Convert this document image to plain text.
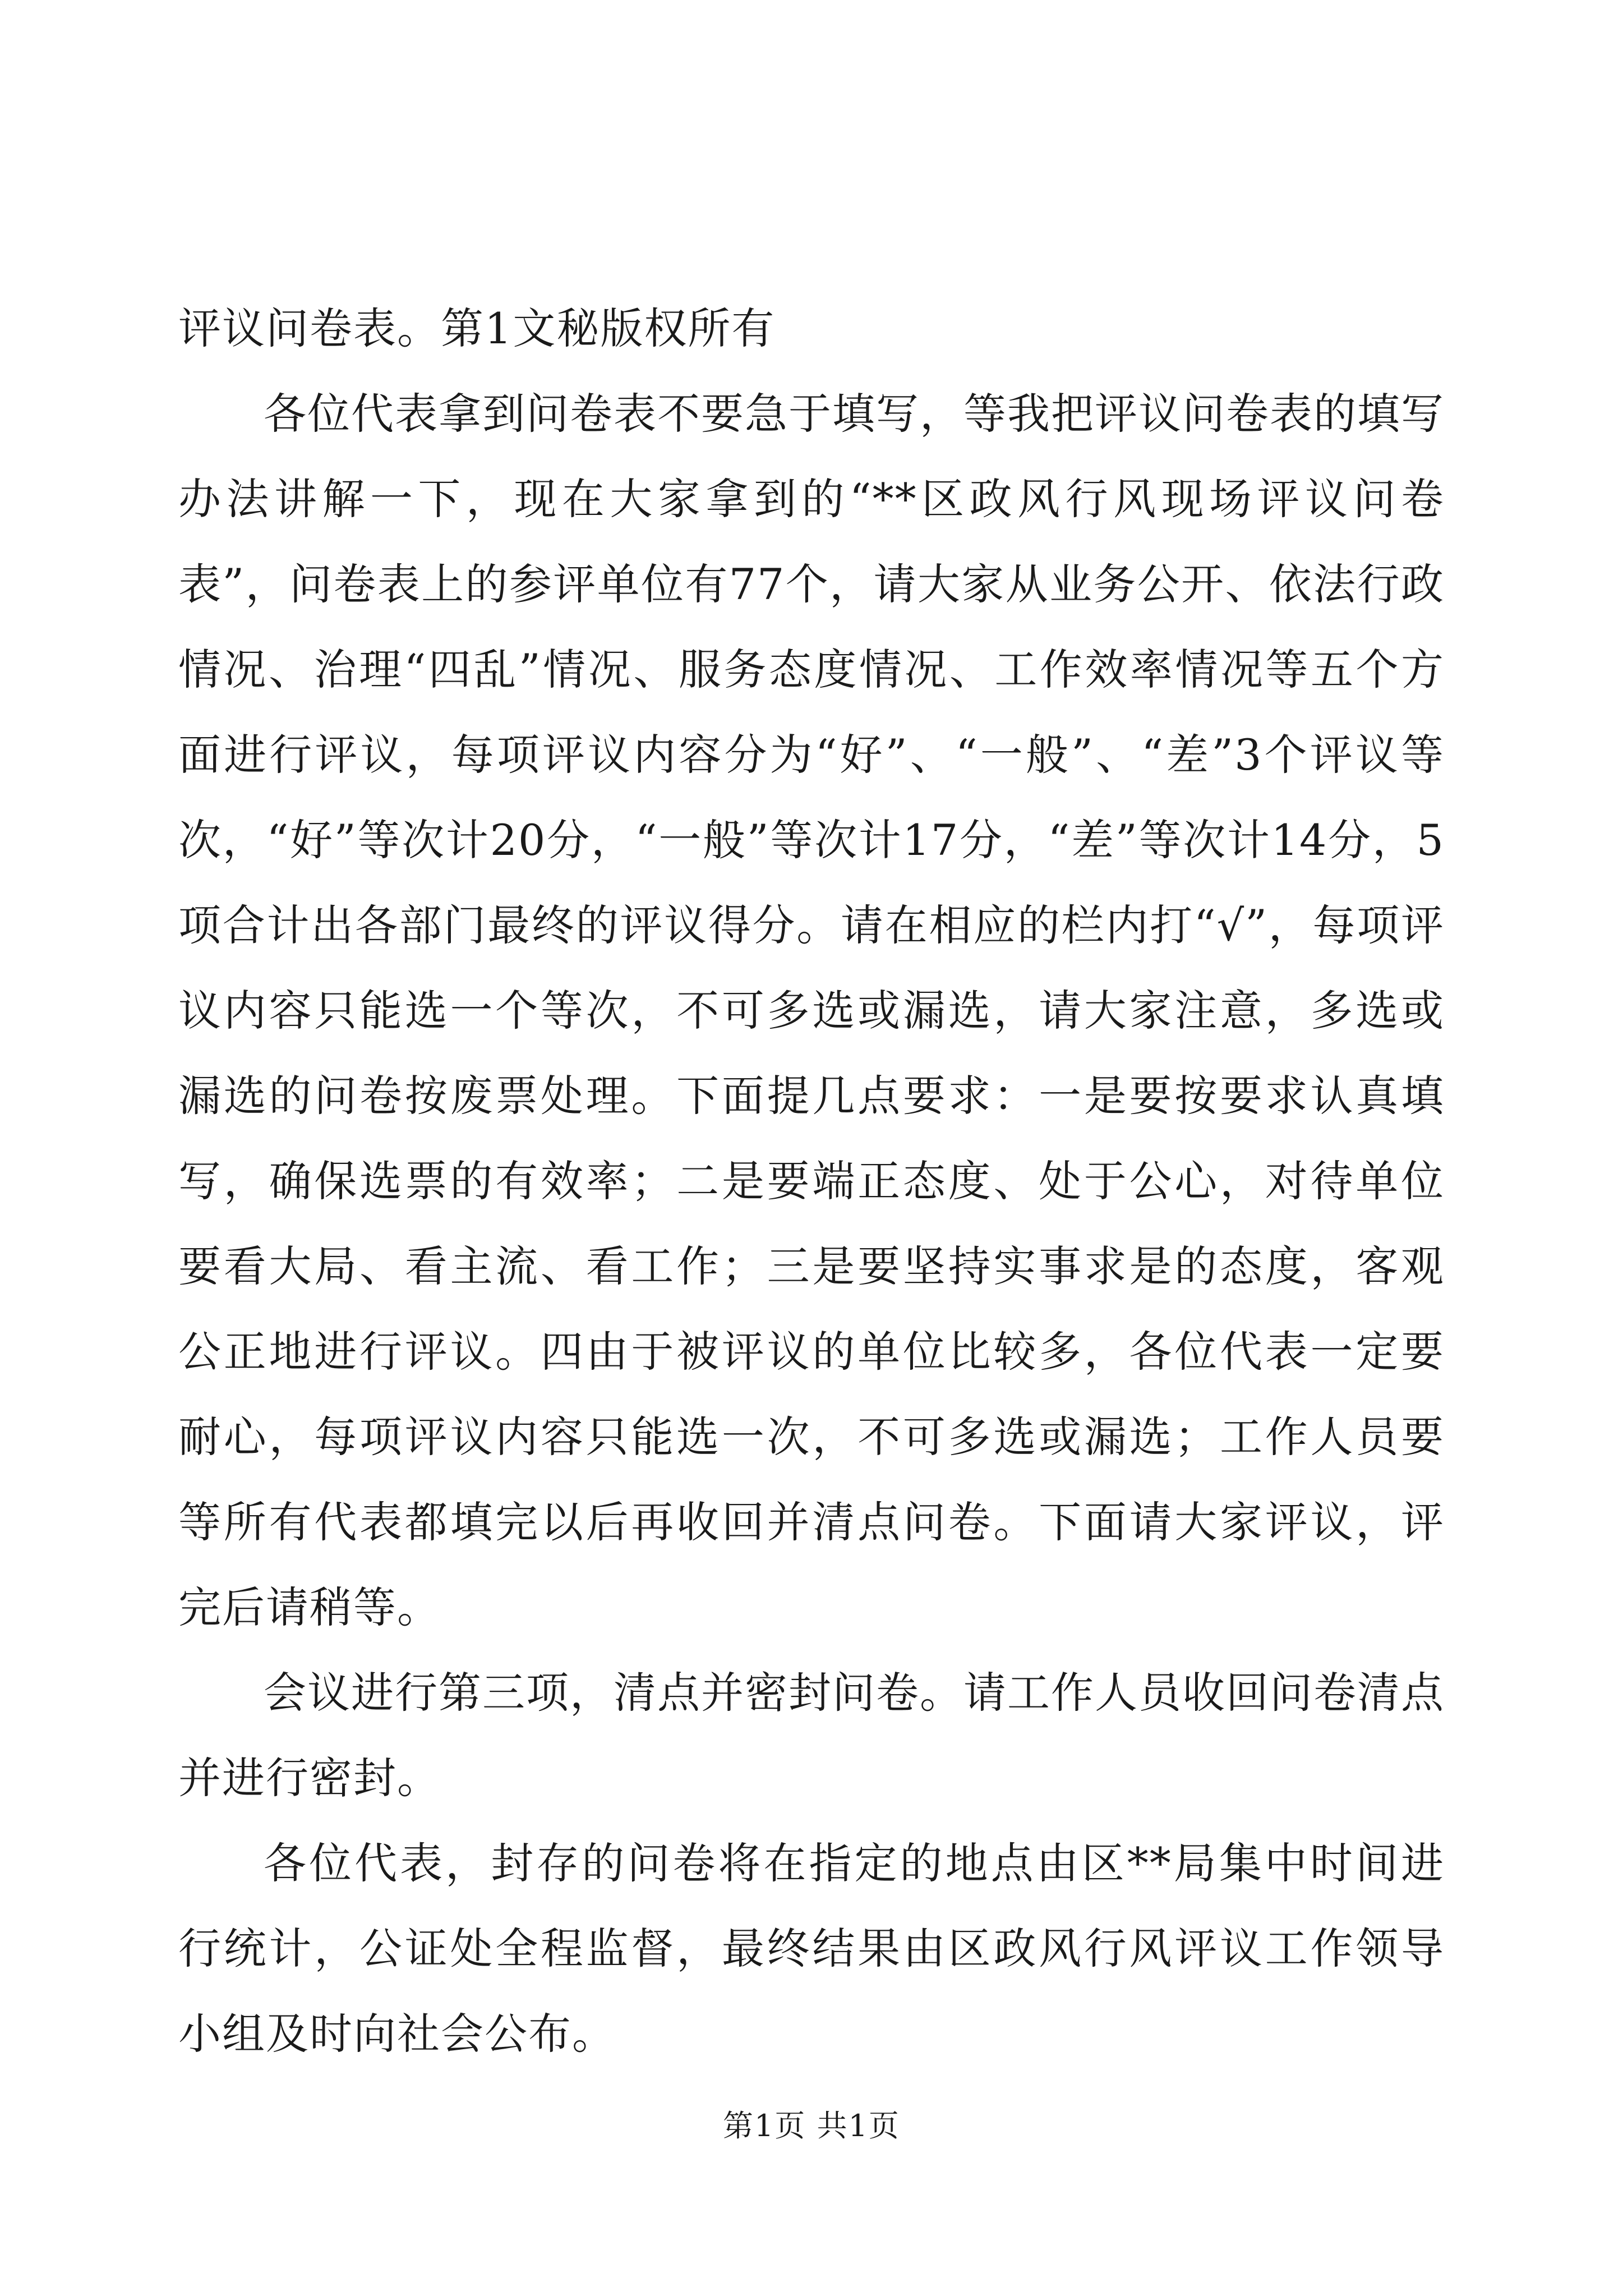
评议问卷表。第1文秘版权所有

各位代表拿到问卷表不要急于填写，等我把评议问卷表的填写办法讲解一下，现在大家拿到的“**区政风行风现场评议问卷表”，问卷表上的参评单位有77个，请大家从业务公开、依法行政情况、治理“四乱”情况、服务态度情况、工作效率情况等五个方面进行评议，每项评议内容分为“好”、“一般”、“差”3个评议等次，“好”等次计20分，“一般”等次计17分，“差”等次计14分，5项合计出各部门最终的评议得分。请在相应的栏内打“√”，每项评议内容只能选一个等次，不可多选或漏选，请大家注意，多选或漏选的问卷按废票处理。下面提几点要求：一是要按要求认真填写，确保选票的有效率；二是要端正态度、处于公心，对待单位要看大局、看主流、看工作；三是要坚持实事求是的态度，客观公正地进行评议。四由于被评议的单位比较多，各位代表一定要耐心，每项评议内容只能选一次，不可多选或漏选；工作人员要等所有代表都填完以后再收回并清点问卷。下面请大家评议，评完后请稍等。

会议进行第三项，清点并密封问卷。请工作人员收回问卷清点并进行密封。

各位代表，封存的问卷将在指定的地点由区**局集中时间进行统计，公证处全程监督，最终结果由区政风行风评议工作领导小组及时向社会公布。

第1页 共1页
